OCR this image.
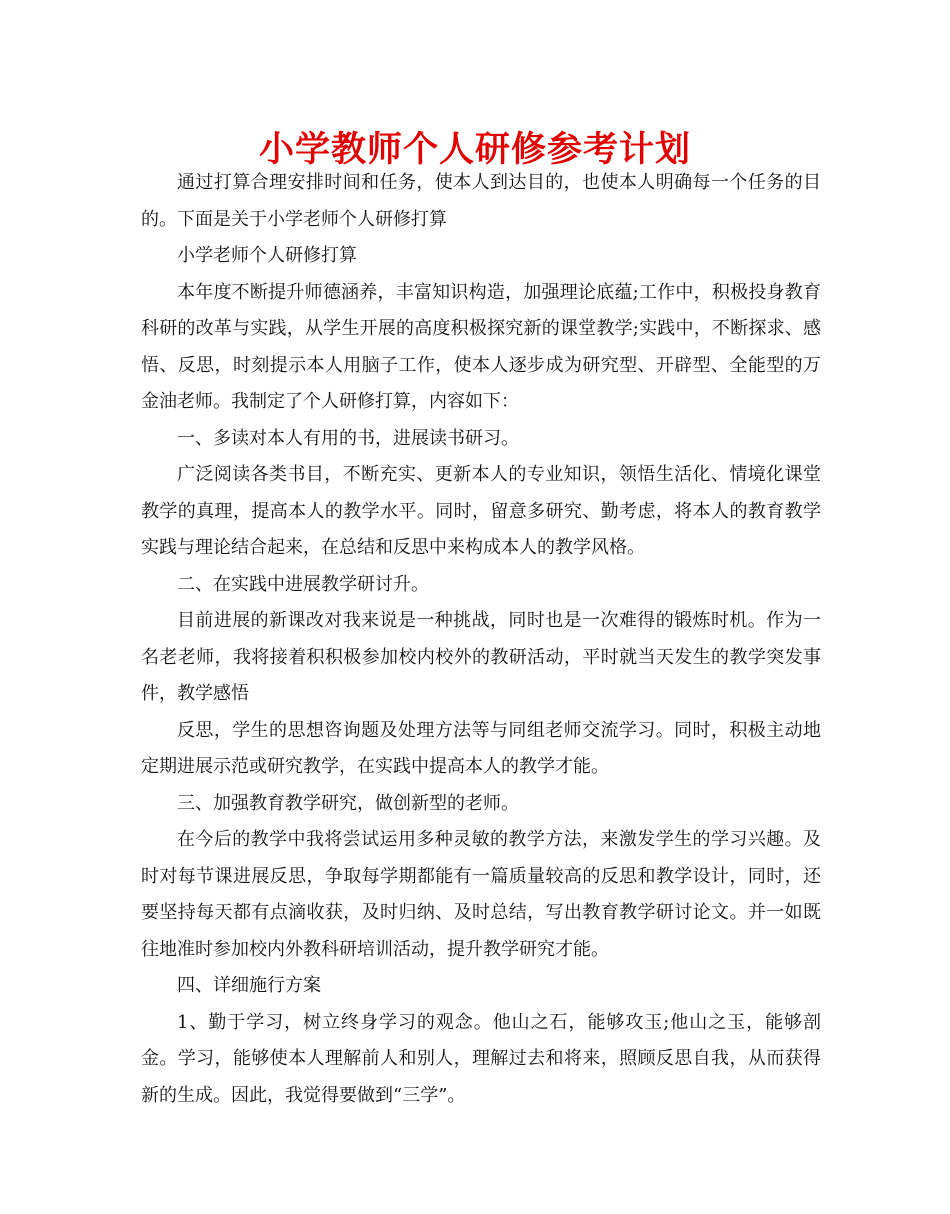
小学教师个人研修参考计划

通过打算合理安排时间和任务，使本人到达目的，也使本人明确每一个任务的目的。下面是关于小学老师个人研修打算

小学老师个人研修打算

本年度不断提升师德涵养，丰富知识构造，加强理论底蕴;工作中，积极投身教育科研的改革与实践，从学生开展的高度积极探究新的课堂教学;实践中，不断探求、感悟、反思，时刻提示本人用脑子工作，使本人逐步成为研究型、开辟型、全能型的万金油老师。我制定了个人研修打算，内容如下：

一、多读对本人有用的书，进展读书研习。

广泛阅读各类书目，不断充实、更新本人的专业知识，领悟生活化、情境化课堂教学的真理，提高本人的教学水平。同时，留意多研究、勤考虑，将本人的教育教学实践与理论结合起来，在总结和反思中来构成本人的教学风格。

二、在实践中进展教学研讨升。

目前进展的新课改对我来说是一种挑战，同时也是一次难得的锻炼时机。作为一名老老师，我将接着积积极参加校内校外的教研活动，平时就当天发生的教学突发事件，教学感悟

反思，学生的思想咨询题及处理方法等与同组老师交流学习。同时，积极主动地定期进展示范或研究教学，在实践中提高本人的教学才能。

三、加强教育教学研究，做创新型的老师。

在今后的教学中我将尝试运用多种灵敏的教学方法，来激发学生的学习兴趣。及时对每节课进展反思，争取每学期都能有一篇质量较高的反思和教学设计，同时，还要坚持每天都有点滴收获，及时归纳、及时总结，写出教育教学研讨论文。并一如既往地准时参加校内外教科研培训活动，提升教学研究才能。

四、详细施行方案

1、勤于学习，树立终身学习的观念。他山之石，能够攻玉;他山之玉，能够剖金。学习，能够使本人理解前人和别人，理解过去和将来，照顾反思自我，从而获得新的生成。因此，我觉得要做到“三学”。
